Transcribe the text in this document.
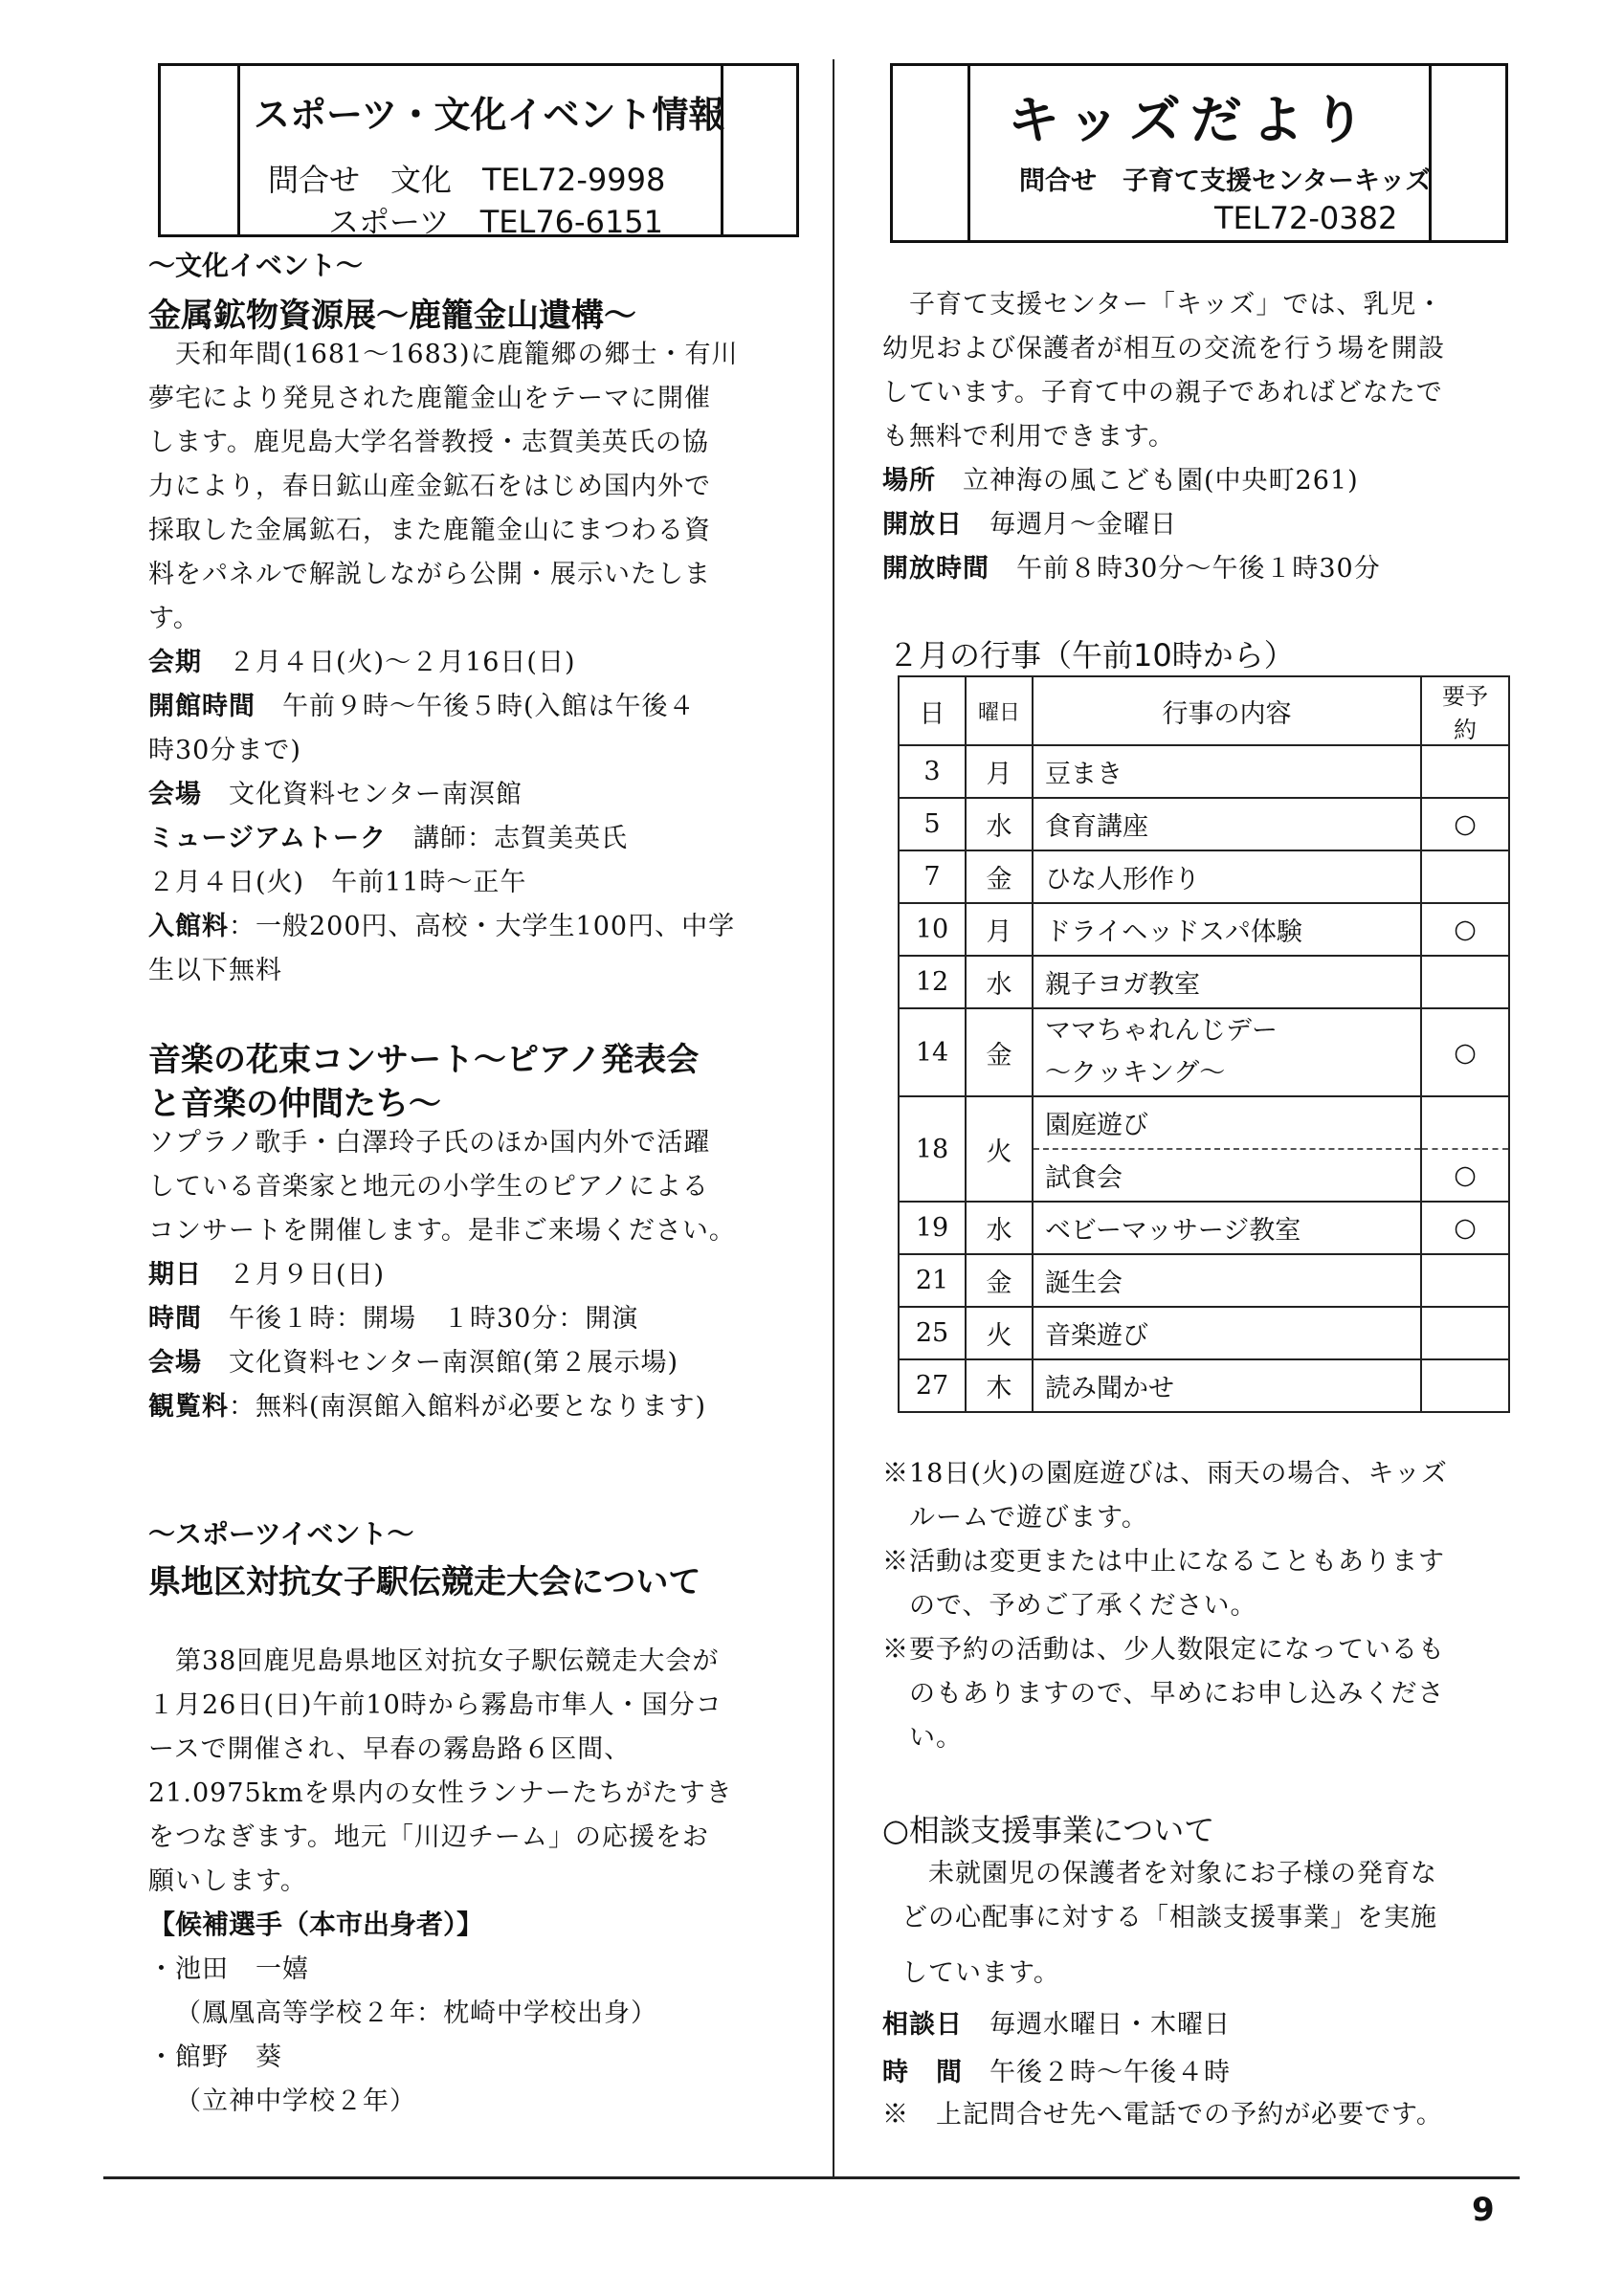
9
スポーツ・文化イベント情報
問合せ　文化　TEL72-9998
スポーツ　TEL76-6151
～文化イベント～
金属鉱物資源展～鹿籠金山遺構～
　天和年間(1681～1683)に鹿籠郷の郷士・有川
夢宅により発見された鹿籠金山をテーマに開催
します。鹿児島大学名誉教授・志賀美英氏の協
力により，春日鉱山産金鉱石をはじめ国内外で
採取した金属鉱石，また鹿籠金山にまつわる資
料をパネルで解説しながら公開・展示いたしま
す。
会期　２月４日(火)～２月16日(日)
開館時間　午前９時～午後５時(入館は午後４
時30分まで)
会場　文化資料センター南溟館
ミュージアムトーク　講師：志賀美英氏
２月４日(火)　午前11時～正午
入館料：一般200円、高校・大学生100円、中学
生以下無料
音楽の花束コンサート～ピアノ発表会
と音楽の仲間たち～
ソプラノ歌手・白澤玲子氏のほか国内外で活躍
している音楽家と地元の小学生のピアノによる
コンサートを開催します。是非ご来場ください。
期日　２月９日(日)
時間　午後１時：開場　１時30分：開演
会場　文化資料センター南溟館(第２展示場)
観覧料：無料(南溟館入館料が必要となります)
～スポーツイベント～
県地区対抗女子駅伝競走大会について
　第38回鹿児島県地区対抗女子駅伝競走大会が
１月26日(日)午前10時から霧島市隼人・国分コ
ースで開催され、早春の霧島路６区間、
21.0975kmを県内の女性ランナーたちがたすき
をつなぎます。地元「川辺チーム」の応援をお
願いします。
【候補選手（本市出身者）】
・池田　一嬉
（鳳凰高等学校２年：枕崎中学校出身）
・館野　葵
（立神中学校２年）
キッズだより
問合せ　子育て支援センターキッズ
TEL72-0382
　子育て支援センター「キッズ」では、乳児・
幼児および保護者が相互の交流を行う場を開設
しています。子育て中の親子であればどなたで
も無料で利用できます。
場所　立神海の風こども園(中央町261)
開放日　毎週月～金曜日
開放時間　午前８時30分～午後１時30分
２月の行事（午前10時から）
日	曜日	行事の内容	要予約
3	月	豆まき	
5	水	食育講座	○
7	金	ひな人形作り	
10	月	ドライヘッドスパ体験	○
12	水	親子ヨガ教室	
14	金	ママちゃれんじデー
～クッキング～	○
18	火	園庭遊び	
		試食会	○
19	水	ベビーマッサージ教室	○
21	金	誕生会	
25	火	音楽遊び	
27	木	読み聞かせ	
※18日(火)の園庭遊びは、雨天の場合、キッズ
　ルームで遊びます。
※活動は変更または中止になることもあります
　ので、予めご了承ください。
※要予約の活動は、少人数限定になっているも
　のもありますので、早めにお申し込みくださ
　い。
○相談支援事業について
　未就園児の保護者を対象にお子様の発育な
どの心配事に対する「相談支援事業」を実施
しています。
相談日　毎週水曜日・木曜日
時　間　午後２時～午後４時
※　上記問合せ先へ電話での予約が必要です。
